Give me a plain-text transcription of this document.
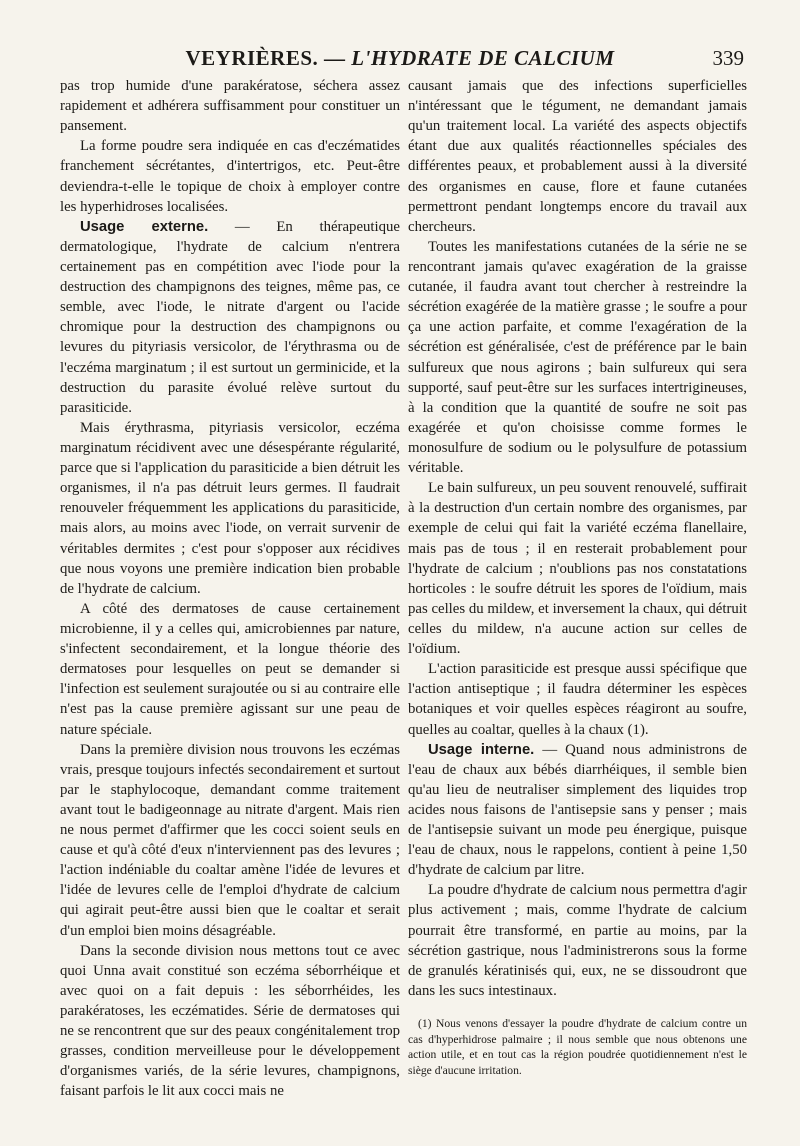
VEYRIÈRES. — L'HYDRATE DE CALCIUM	339

pas trop humide d'une parakératose, séchera assez rapidement et adhérera suffisamment pour constituer un pansement.

La forme poudre sera indiquée en cas d'eczématides franchement sécrétantes, d'intertrigos, etc. Peut-être deviendra-t-elle le topique de choix à employer contre les hyperhidroses localisées.

Usage externe. — En thérapeutique dermatologique, l'hydrate de calcium n'entrera certainement pas en compétition avec l'iode pour la destruction des champignons des teignes, même pas, ce semble, avec l'iode, le nitrate d'argent ou l'acide chromique pour la destruction des champignons ou levures du pityriasis versicolor, de l'érythrasma ou de l'eczéma marginatum ; il est surtout un germinicide, et la destruction du parasite évolué relève surtout du parasiticide.

Mais érythrasma, pityriasis versicolor, eczéma marginatum récidivent avec une désespérante régularité, parce que si l'application du parasiticide a bien détruit les organismes, il n'a pas détruit leurs germes. Il faudrait renouveler fréquemment les applications du parasiticide, mais alors, au moins avec l'iode, on verrait survenir de véritables dermites ; c'est pour s'opposer aux récidives que nous voyons une première indication bien probable de l'hydrate de calcium.

A côté des dermatoses de cause certainement microbienne, il y a celles qui, amicrobiennes par nature, s'infectent secondairement, et la longue théorie des dermatoses pour lesquelles on peut se demander si l'infection est seulement surajoutée ou si au contraire elle n'est pas la cause première agissant sur une peau de nature spéciale.

Dans la première division nous trouvons les eczémas vrais, presque toujours infectés secondairement et surtout par le staphylocoque, demandant comme traitement avant tout le badigeonnage au nitrate d'argent. Mais rien ne nous permet d'affirmer que les cocci soient seuls en cause et qu'à côté d'eux n'interviennent pas des levures ; l'action indéniable du coaltar amène l'idée de levures et l'idée de levures celle de l'emploi d'hydrate de calcium qui agirait peut-être aussi bien que le coaltar et serait d'un emploi bien moins désagréable.

Dans la seconde division nous mettons tout ce avec quoi Unna avait constitué son eczéma séborrhéique et avec quoi on a fait depuis : les séborrhéides, les parakératoses, les eczématides. Série de dermatoses qui ne se rencontrent que sur des peaux congénitalement trop grasses, condition merveilleuse pour le développement d'organismes variés, de la série levures, champignons, faisant parfois le lit aux cocci mais ne

causant jamais que des infections superficielles n'intéressant que le tégument, ne demandant jamais qu'un traitement local. La variété des aspects objectifs étant due aux qualités réactionnelles spéciales des différentes peaux, et probablement aussi à la diversité des organismes en cause, flore et faune cutanées permettront pendant longtemps encore du travail aux chercheurs.

Toutes les manifestations cutanées de la série ne se rencontrant jamais qu'avec exagération de la graisse cutanée, il faudra avant tout chercher à restreindre la sécrétion exagérée de la matière grasse ; le soufre a pour ça une action parfaite, et comme l'exagération de la sécrétion est généralisée, c'est de préférence par le bain sulfureux que nous agirons ; bain sulfureux qui sera supporté, sauf peut-être sur les surfaces intertrigineuses, à la condition que la quantité de soufre ne soit pas exagérée et qu'on choisisse comme formes le monosulfure de sodium ou le polysulfure de potassium véritable.

Le bain sulfureux, un peu souvent renouvelé, suffirait à la destruction d'un certain nombre des organismes, par exemple de celui qui fait la variété eczéma flanellaire, mais pas de tous ; il en resterait probablement pour l'hydrate de calcium ; n'oublions pas nos constatations horticoles : le soufre détruit les spores de l'oïdium, mais pas celles du mildew, et inversement la chaux, qui détruit celles du mildew, n'a aucune action sur celles de l'oïdium.

L'action parasiticide est presque aussi spécifique que l'action antiseptique ; il faudra déterminer les espèces botaniques et voir quelles espèces réagiront au soufre, quelles au coaltar, quelles à la chaux (1).

Usage interne. — Quand nous administrons de l'eau de chaux aux bébés diarrhéiques, il semble bien qu'au lieu de neutraliser simplement des liquides trop acides nous faisons de l'antisepsie sans y penser ; mais de l'antisepsie suivant un mode peu énergique, puisque l'eau de chaux, nous le rappelons, contient à peine 1,50 d'hydrate de calcium par litre.

La poudre d'hydrate de calcium nous permettra d'agir plus activement ; mais, comme l'hydrate de calcium pourrait être transformé, en partie au moins, par la sécrétion gastrique, nous l'administrerons sous la forme de granulés kératinisés qui, eux, ne se dissoudront que dans les sucs intestinaux.

(1) Nous venons d'essayer la poudre d'hydrate de calcium contre un cas d'hyperhidrose palmaire ; il nous semble que nous obtenons une action utile, et en tout cas la région poudrée quotidiennement n'est le siège d'aucune irritation.
